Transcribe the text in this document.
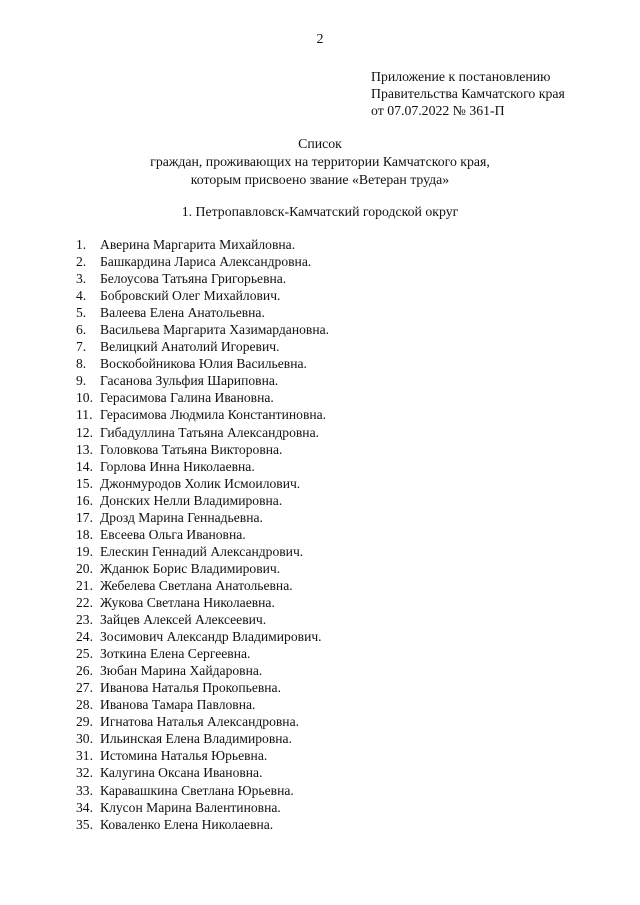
2
Приложение к постановлению
Правительства Камчатского края
от 07.07.2022 № 361-П
Список
граждан, проживающих на территории Камчатского края,
которым присвоено звание «Ветеран труда»
1. Петропавловск-Камчатский городской округ
1. Аверина Маргарита Михайловна.
2. Башкардина Лариса Александровна.
3. Белоусова Татьяна Григорьевна.
4. Бобровский Олег Михайлович.
5. Валеева Елена Анатольевна.
6. Васильева Маргарита Хазимардановна.
7. Велицкий Анатолий Игоревич.
8. Воскобойникова Юлия Васильевна.
9. Гасанова Зульфия Шариповна.
10. Герасимова Галина Ивановна.
11. Герасимова Людмила Константиновна.
12. Гибадуллина Татьяна Александровна.
13. Головкова Татьяна Викторовна.
14. Горлова Инна Николаевна.
15. Джонмуродов Холик Исмоилович.
16. Донских Нелли Владимировна.
17. Дрозд Марина Геннадьевна.
18. Евсеева Ольга Ивановна.
19. Елескин Геннадий Александрович.
20. Жданюк Борис Владимирович.
21. Жебелева Светлана Анатольевна.
22. Жукова Светлана Николаевна.
23. Зайцев Алексей Алексеевич.
24. Зосимович Александр Владимирович.
25. Зоткина Елена Сергеевна.
26. Зюбан Марина Хайдаровна.
27. Иванова Наталья Прокопьевна.
28. Иванова Тамара Павловна.
29. Игнатова Наталья Александровна.
30. Ильинская Елена Владимировна.
31. Истомина Наталья Юрьевна.
32. Калугина Оксана Ивановна.
33. Каравашкина Светлана Юрьевна.
34. Клусон Марина Валентиновна.
35. Коваленко Елена Николаевна.
